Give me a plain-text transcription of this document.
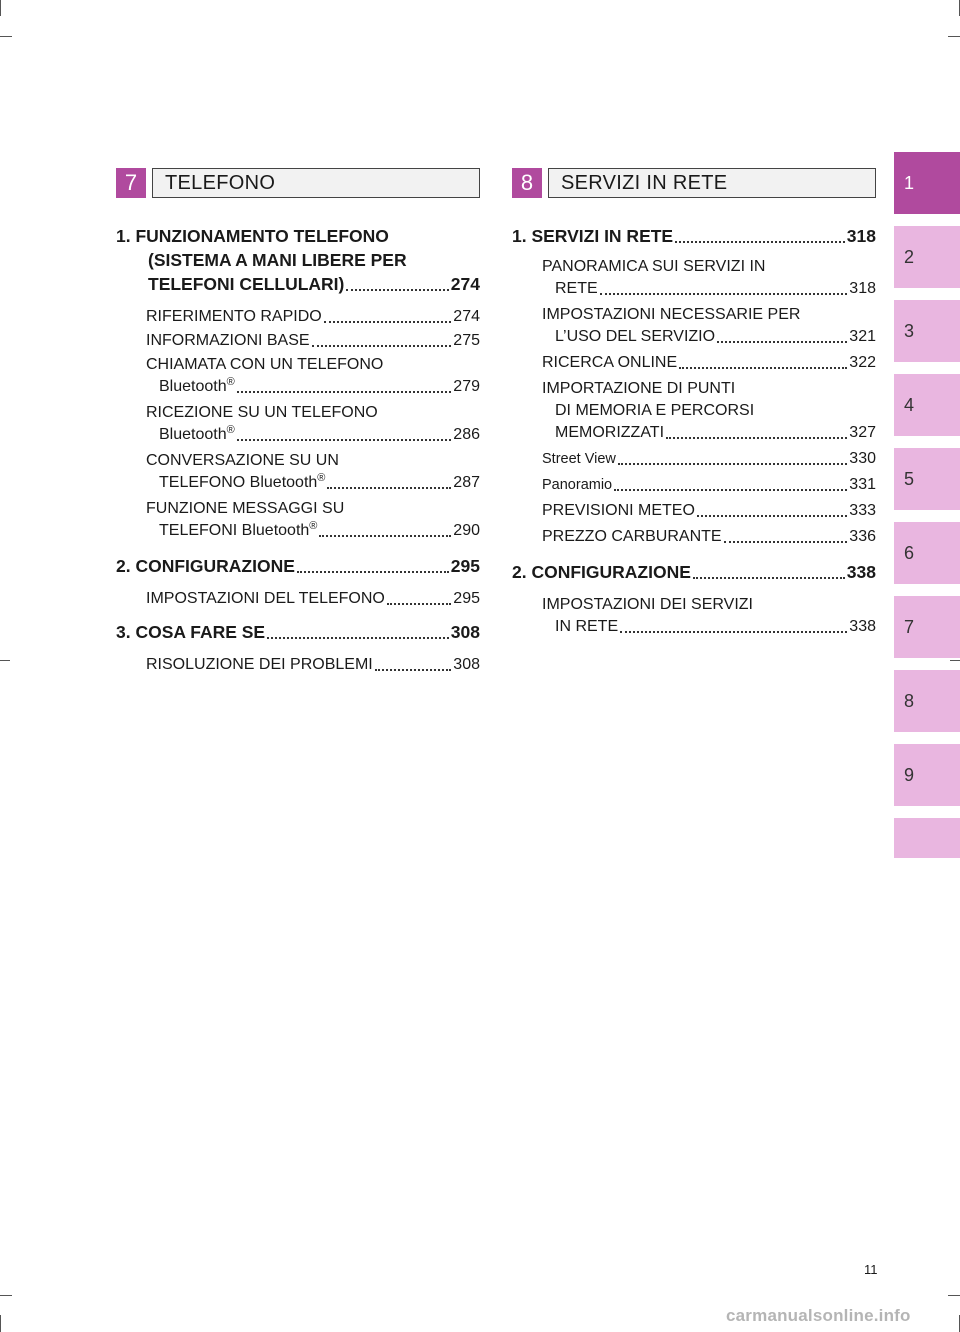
7	TELEFONO	8	SERVIZI IN RETE
1. FUNZIONAMENTO TELEFONO
(SISTEMA A MANI LIBERE PER
TELEFONI CELLULARI)	274
RIFERIMENTO RAPIDO	274
INFORMAZIONI BASE	275
CHIAMATA CON UN TELEFONO
Bluetooth®	279
RICEZIONE SU UN TELEFONO
Bluetooth®	286
CONVERSAZIONE SU UN
TELEFONO Bluetooth®	287
FUNZIONE MESSAGGI SU
TELEFONI Bluetooth®	290
2. CONFIGURAZIONE	295
IMPOSTAZIONI DEL TELEFONO	295
3. COSA FARE SE	308
RISOLUZIONE DEI PROBLEMI	308
1. SERVIZI IN RETE	318
PANORAMICA SUI SERVIZI IN
RETE	318
IMPOSTAZIONI NECESSARIE PER
L’USO DEL SERVIZIO	321
RICERCA ONLINE	322
IMPORTAZIONE DI PUNTI
DI MEMORIA E PERCORSI
MEMORIZZATI	327
Street View	330
Panoramio	331
PREVISIONI METEO	333
PREZZO CARBURANTE	336
2. CONFIGURAZIONE	338
IMPOSTAZIONI DEI SERVIZI
IN RETE	338
1
2
3
4
5
6
7
8
9
11
carmanualsonline.info
